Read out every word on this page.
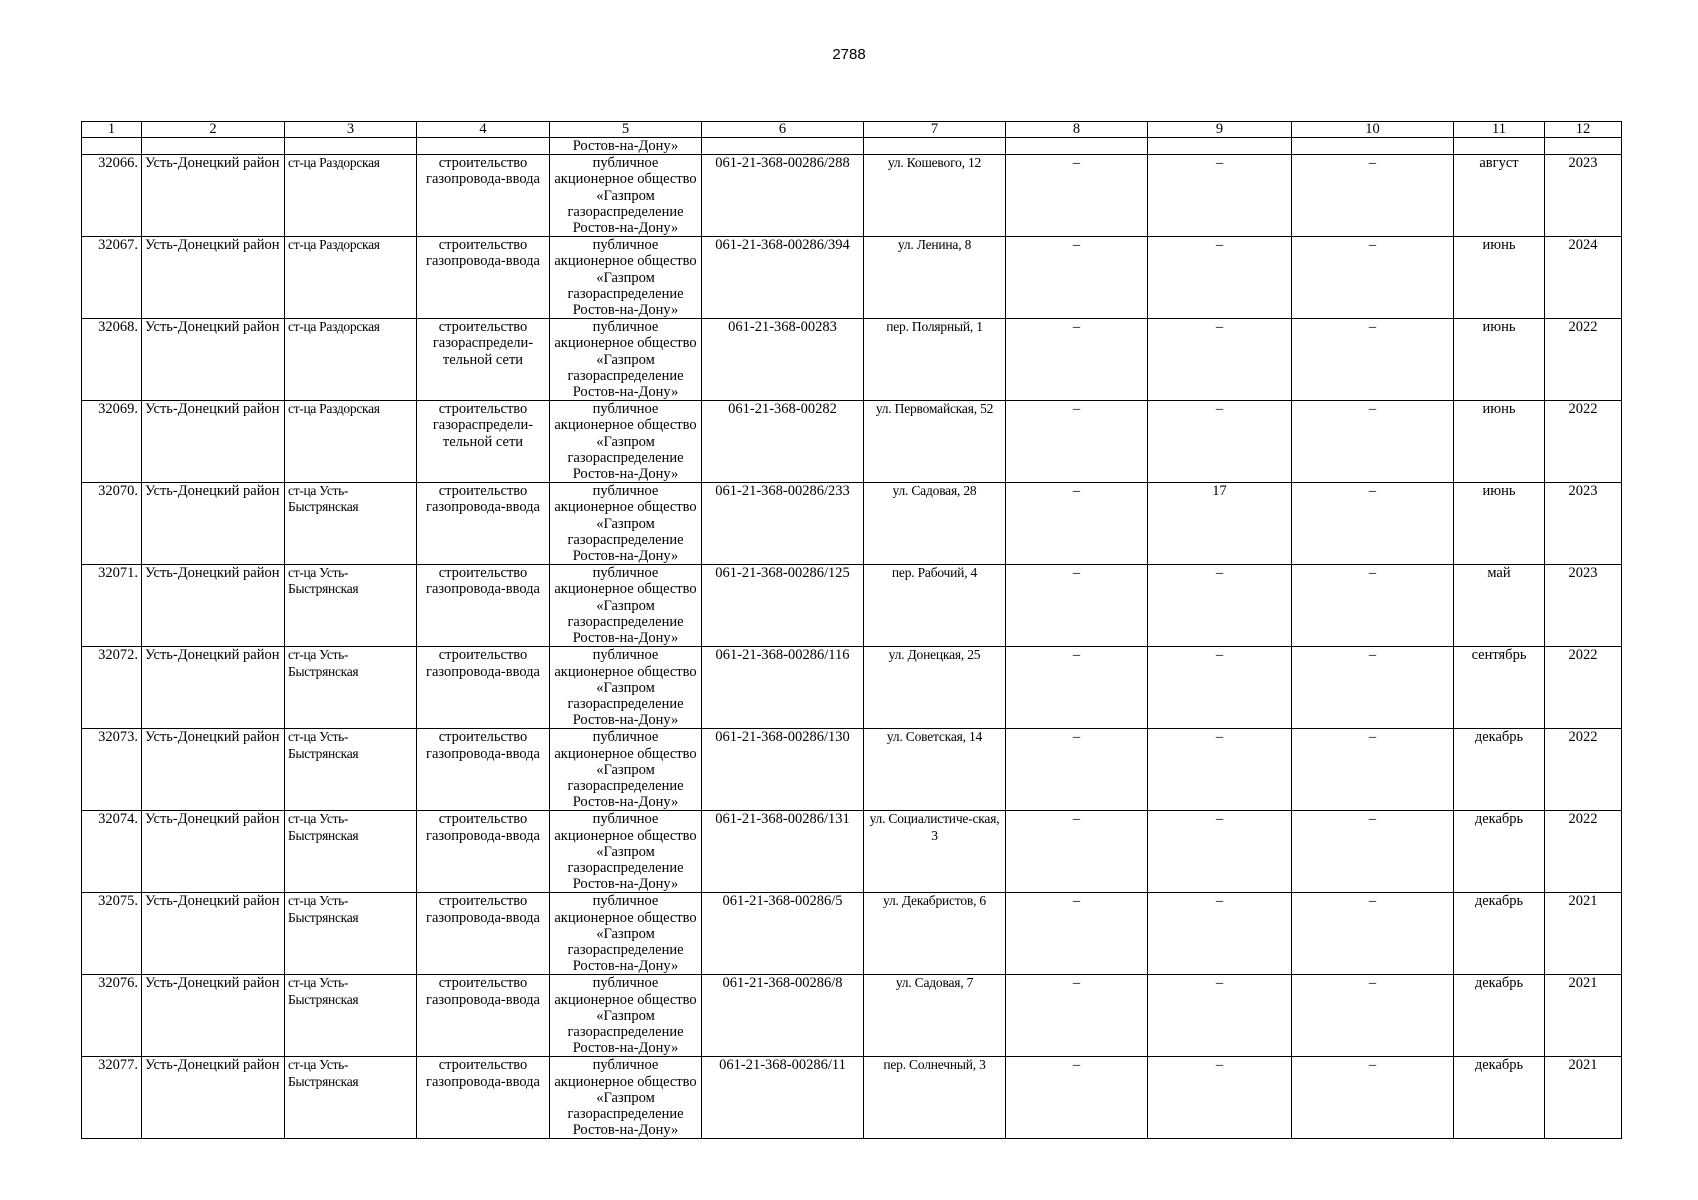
2788
1	2	3	4	5	6	7	8	9	10	11	12
				Ростов-на-Дону»							
32066.	Усть-Донецкий район	ст-ца Раздорская	строительство газопровода-ввода	публичное акционерное общество «Газпром газораспределение Ростов-на-Дону»	061-21-368-00286/288	ул. Кошевого, 12	–	–	–	август	2023
32067.	Усть-Донецкий район	ст-ца Раздорская	строительство газопровода-ввода	публичное акционерное общество «Газпром газораспределение Ростов-на-Дону»	061-21-368-00286/394	ул. Ленина, 8	–	–	–	июнь	2024
32068.	Усть-Донецкий район	ст-ца Раздорская	строительство газораспредели-тельной сети	публичное акционерное общество «Газпром газораспределение Ростов-на-Дону»	061-21-368-00283	пер. Полярный, 1	–	–	–	июнь	2022
32069.	Усть-Донецкий район	ст-ца Раздорская	строительство газораспредели-тельной сети	публичное акционерное общество «Газпром газораспределение Ростов-на-Дону»	061-21-368-00282	ул. Первомайская, 52	–	–	–	июнь	2022
32070.	Усть-Донецкий район	ст-ца Усть-Быстрянская	строительство газопровода-ввода	публичное акционерное общество «Газпром газораспределение Ростов-на-Дону»	061-21-368-00286/233	ул. Садовая, 28	–	17	–	июнь	2023
32071.	Усть-Донецкий район	ст-ца Усть-Быстрянская	строительство газопровода-ввода	публичное акционерное общество «Газпром газораспределение Ростов-на-Дону»	061-21-368-00286/125	пер. Рабочий, 4	–	–	–	май	2023
32072.	Усть-Донецкий район	ст-ца Усть-Быстрянская	строительство газопровода-ввода	публичное акционерное общество «Газпром газораспределение Ростов-на-Дону»	061-21-368-00286/116	ул. Донецкая, 25	–	–	–	сентябрь	2022
32073.	Усть-Донецкий район	ст-ца Усть-Быстрянская	строительство газопровода-ввода	публичное акционерное общество «Газпром газораспределение Ростов-на-Дону»	061-21-368-00286/130	ул. Советская, 14	–	–	–	декабрь	2022
32074.	Усть-Донецкий район	ст-ца Усть-Быстрянская	строительство газопровода-ввода	публичное акционерное общество «Газпром газораспределение Ростов-на-Дону»	061-21-368-00286/131	ул. Социалистиче-ская, 3	–	–	–	декабрь	2022
32075.	Усть-Донецкий район	ст-ца Усть-Быстрянская	строительство газопровода-ввода	публичное акционерное общество «Газпром газораспределение Ростов-на-Дону»	061-21-368-00286/5	ул. Декабристов, 6	–	–	–	декабрь	2021
32076.	Усть-Донецкий район	ст-ца Усть-Быстрянская	строительство газопровода-ввода	публичное акционерное общество «Газпром газораспределение Ростов-на-Дону»	061-21-368-00286/8	ул. Садовая, 7	–	–	–	декабрь	2021
32077.	Усть-Донецкий район	ст-ца Усть-Быстрянская	строительство газопровода-ввода	публичное акционерное общество «Газпром газораспределение Ростов-на-Дону»	061-21-368-00286/11	пер. Солнечный, 3	–	–	–	декабрь	2021
